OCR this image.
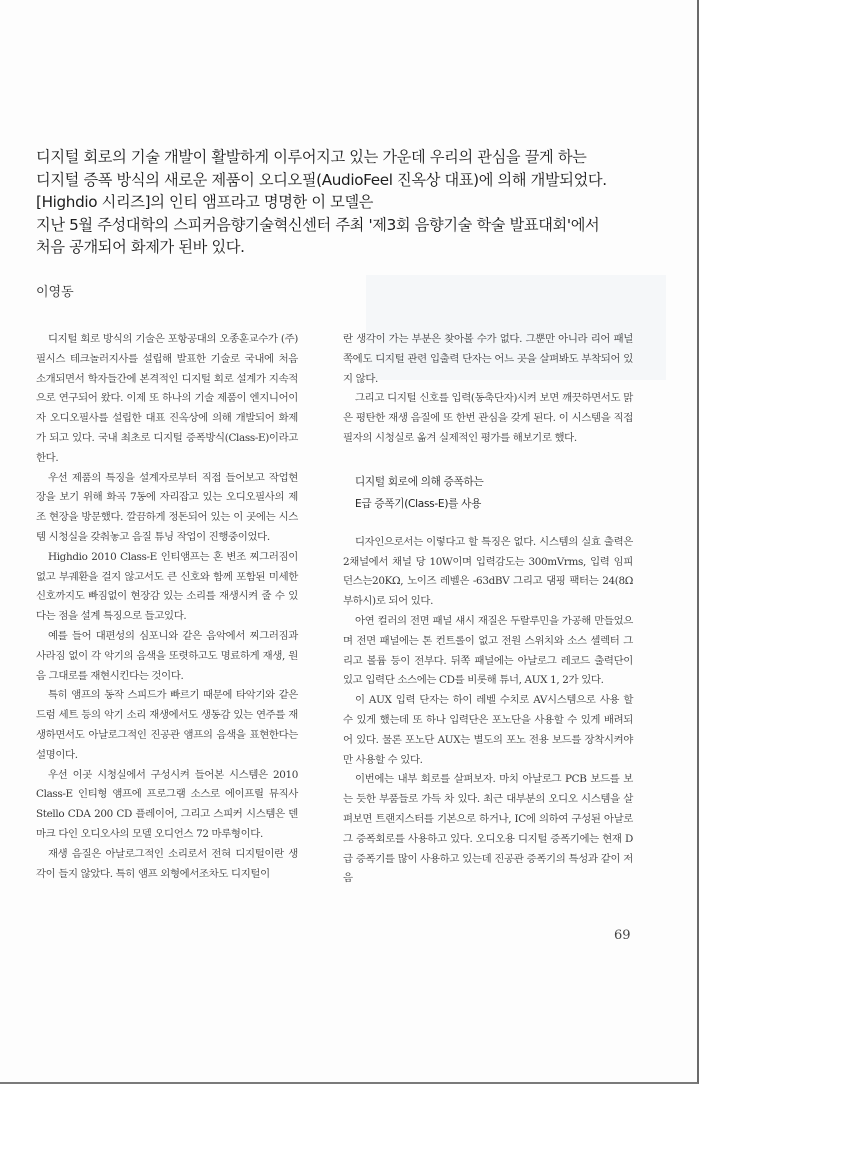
디지털 회로의 기술 개발이 활발하게 이루어지고 있는 가운데 우리의 관심을 끌게 하는

디지털 증폭 방식의 새로운 제품이 오디오필(AudioFeel 진옥상 대표)에 의해 개발되었다.

[Highdio 시리즈]의 인티 앰프라고 명명한 이 모델은

지난 5월 주성대학의 스피커음향기술혁신센터 주최 '제3회 음향기술 학술 발표대회'에서

처음 공개되어 화제가 된바 있다.

이영동

디지털 회로 방식의 기술은 포항공대의 오종훈교수가 (주)필시스 테크놀러지사를 설립해 발표한 기술로 국내에 처음 소개되면서 학자들간에 본격적인 디지털 회로 설계가 지속적으로 연구되어 왔다. 이제 또 하나의 기술 제품이 엔지니어이자 오디오필사를 설립한 대표 진옥상에 의해 개발되어 화제가 되고 있다. 국내 최초로 디지털 증폭방식(Class-E)이라고 한다.

우선 제품의 특징을 설계자로부터 직접 들어보고 작업현장을 보기 위해 화곡 7동에 자리잡고 있는 오디오필사의 제조 현장을 방문했다. 깔끔하게 정돈되어 있는 이 곳에는 시스템 시청실을 갖춰놓고 음질 튜닝 작업이 진행중이었다.

Highdio 2010 Class-E 인티앰프는 혼 변조 찌그러짐이 없고 부궤환을 걸지 않고서도 큰 신호와 함께 포함된 미세한 신호까지도 빠짐없이 현장감 있는 소리를 재생시켜 줄 수 있다는 점을 설계 특징으로 들고있다.

예를 들어 대편성의 심포니와 같은 음악에서 찌그러짐과 사라짐 없이 각 악기의 음색을 또렷하고도 명료하게 재생, 원음 그대로를 재현시킨다는 것이다.

특히 앰프의 동작 스피드가 빠르기 때문에 타악기와 같은 드럼 세트 등의 악기 소리 재생에서도 생동감 있는 연주를 재생하면서도 아날로그적인 진공관 앰프의 음색을 표현한다는 설명이다.

우선 이곳 시청실에서 구성시켜 들어본 시스템은 2010 Class-E 인티형 앰프에 프로그램 소스로 에이프릴 뮤직사 Stello CDA 200 CD 플레이어, 그리고 스피커 시스템은 덴마크 다인 오디오사의 모델 오디언스 72 마루형이다.

재생 음질은 아날로그적인 소리로서 전혀 디지털이란 생각이 들지 않았다. 특히 앰프 외형에서조차도 디지털이

란 생각이 가는 부분은 찾아볼 수가 없다. 그뿐만 아니라 리어 패널쪽에도 디지털 관련 입출력 단자는 어느 곳을 살펴봐도 부착되어 있지 않다.

그리고 디지털 신호를 입력(동축단자)시켜 보면 깨끗하면서도 맑은 평탄한 재생 음질에 또 한번 관심을 갖게 된다. 이 시스템을 직접 필자의 시청실로 옮겨 실제적인 평가를 해보기로 했다.

디지털 회로에 의해 증폭하는
E급 증폭기(Class-E)를 사용

디자인으로서는 이렇다고 할 특징은 없다. 시스템의 실효 출력은 2채널에서 채널 당 10W이며 입력감도는 300mVrms, 입력 임피던스는20KΩ, 노이즈 레벨은 -63dBV 그리고 댐핑 팩터는 24(8Ω 부하시)로 되어 있다.

아연 컬러의 전면 패널 섀시 재질은 두랄루민을 가공해 만들었으며 전면 패널에는 톤 컨트롤이 없고 전원 스위치와 소스 셀렉터 그리고 볼륨 등이 전부다. 뒤쪽 패널에는 아날로그 레코드 출력단이 있고 입력단 소스에는 CD를 비롯해 튜너, AUX 1, 2가 있다.

이 AUX 입력 단자는 하이 레벨 수치로 AV시스템으로 사용 할 수 있게 했는데 또 하나 입력단은 포노단을 사용할 수 있게 배려되어 있다. 물론 포노단 AUX는 별도의 포노 전용 보드를 장착시켜야만 사용할 수 있다.

이번에는 내부 회로를 살펴보자. 마치 아날로그 PCB 보드를 보는 듯한 부품들로 가득 차 있다. 최근 대부분의 오디오 시스템을 살펴보면 트랜지스터를 기본으로 하거나, IC에 의하여 구성된 아날로그 증폭회로를 사용하고 있다. 오디오용 디지털 증폭기에는 현재 D급 증폭기를 많이 사용하고 있는데 진공관 증폭기의 특성과 같이 저 음

69
